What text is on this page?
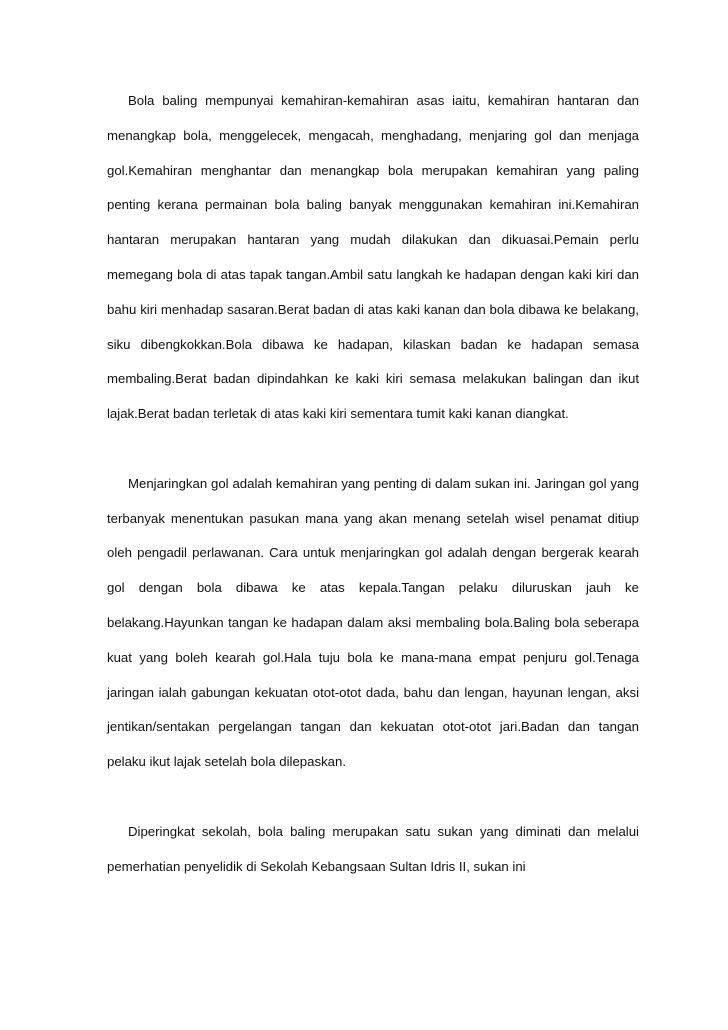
Bola baling mempunyai kemahiran-kemahiran asas iaitu, kemahiran hantaran dan menangkap bola, menggelecek, mengacah, menghadang, menjaring gol dan menjaga gol.Kemahiran menghantar dan menangkap bola merupakan kemahiran yang paling penting kerana permainan bola baling banyak menggunakan kemahiran ini.Kemahiran hantaran merupakan hantaran yang mudah dilakukan dan dikuasai.Pemain perlu memegang bola di atas tapak tangan.Ambil satu langkah ke hadapan dengan kaki kiri dan bahu kiri menhadap sasaran.Berat badan di atas kaki kanan dan bola dibawa ke belakang, siku dibengkokkan.Bola dibawa ke hadapan, kilaskan badan ke hadapan semasa membaling.Berat badan dipindahkan ke kaki kiri semasa melakukan balingan dan ikut lajak.Berat badan terletak di atas kaki kiri sementara tumit kaki kanan diangkat.

Menjaringkan gol adalah kemahiran yang penting di dalam sukan ini. Jaringan gol yang terbanyak menentukan pasukan mana yang akan menang setelah wisel penamat ditiup oleh pengadil perlawanan. Cara untuk menjaringkan gol adalah dengan bergerak kearah gol dengan bola dibawa ke atas kepala.Tangan pelaku diluruskan jauh ke belakang.Hayunkan tangan ke hadapan dalam aksi membaling bola.Baling bola seberapa kuat yang boleh kearah gol.Hala tuju bola ke mana-mana empat penjuru gol.Tenaga jaringan ialah gabungan kekuatan otot-otot dada, bahu dan lengan, hayunan lengan, aksi jentikan/sentakan pergelangan tangan dan kekuatan otot-otot jari.Badan dan tangan pelaku ikut lajak setelah bola dilepaskan.

Diperingkat sekolah, bola baling merupakan satu sukan yang diminati dan melalui pemerhatian penyelidik di Sekolah Kebangsaan Sultan Idris II, sukan ini
